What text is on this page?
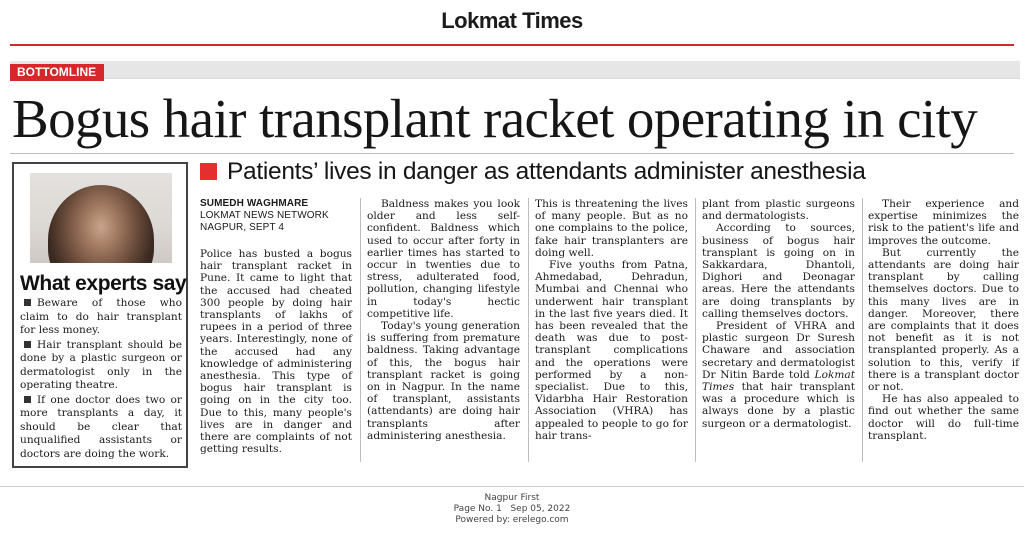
Lokmat Times
BOTTOMLINE
Bogus hair transplant racket operating in city
What experts say
Beware of those who claim to do hair transplant for less money.
Hair transplant should be done by a plastic surgeon or dermatologist only in the operating theatre.
If one doctor does two or more transplants a day, it should be clear that unqualified assistants or doctors are doing the work.
Patients’ lives in danger as attendants administer anesthesia
SUMEDH WAGHMARE
LOKMAT NEWS NETWORK
NAGPUR, SEPT 4

Police has busted a bogus hair transplant racket in Pune. It came to light that the accused had cheated 300 people by doing hair transplants of lakhs of rupees in a period of three years. Interestingly, none of the accused had any knowledge of administering anesthesia. This type of bogus hair transplant is going on in the city too. Due to this, many people's lives are in danger and there are complaints of not getting results.

Baldness makes you look older and less self-confident. Baldness which used to occur after forty in earlier times has started to occur in twenties due to stress, adulterated food, pollution, changing lifestyle in today's hectic competitive life.

Today's young generation is suffering from premature baldness. Taking advantage of this, the bogus hair transplant racket is going on in Nagpur. In the name of transplant, assistants (attendants) are doing hair transplants after administering anesthesia.

This is threatening the lives of many people. But as no one complains to the police, fake hair transplanters are doing well.

Five youths from Patna, Ahmedabad, Dehradun, Mumbai and Chennai who underwent hair transplant in the last five years died. It has been revealed that the death was due to post-transplant complications and the operations were performed by a non-specialist. Due to this, Vidarbha Hair Restoration Association (VHRA) has appealed to people to go for hair trans-

plant from plastic surgeons and dermatologists.

According to sources, business of bogus hair transplant is going on in Sakkardara, Dhantoli, Dighori and Deonagar areas. Here the attendants are doing transplants by calling themselves doctors.

President of VHRA and plastic surgeon Dr Suresh Chaware and association secretary and dermatologist Dr Nitin Barde told Lokmat Times that hair transplant was a procedure which is always done by a plastic surgeon or a dermatologist.

Their experience and expertise minimizes the risk to the patient's life and improves the outcome.

But currently the attendants are doing hair transplant by calling themselves doctors. Due to this many lives are in danger. Moreover, there are complaints that it does not benefit as it is not transplanted properly. As a solution to this, verify if there is a transplant doctor or not.

He has also appealed to find out whether the same doctor will do full-time transplant.

Nagpur First
Page No. 1 Sep 05, 2022
Powered by: erelego.com
